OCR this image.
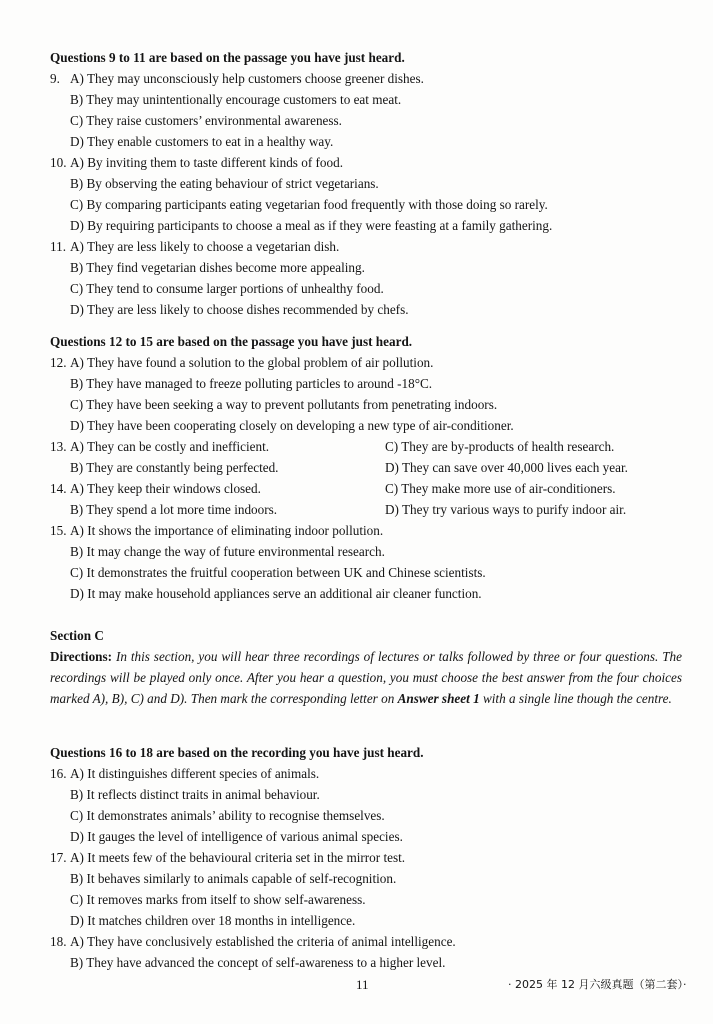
Questions 9 to 11 are based on the passage you have just heard.
9. A) They may unconsciously help customers choose greener dishes.
B) They may unintentionally encourage customers to eat meat.
C) They raise customers’ environmental awareness.
D) They enable customers to eat in a healthy way.
10. A) By inviting them to taste different kinds of food.
B) By observing the eating behaviour of strict vegetarians.
C) By comparing participants eating vegetarian food frequently with those doing so rarely.
D) By requiring participants to choose a meal as if they were feasting at a family gathering.
11. A) They are less likely to choose a vegetarian dish.
B) They find vegetarian dishes become more appealing.
C) They tend to consume larger portions of unhealthy food.
D) They are less likely to choose dishes recommended by chefs.
Questions 12 to 15 are based on the passage you have just heard.
12. A) They have found a solution to the global problem of air pollution.
B) They have managed to freeze polluting particles to around -18°C.
C) They have been seeking a way to prevent pollutants from penetrating indoors.
D) They have been cooperating closely on developing a new type of air-conditioner.
13. A) They can be costly and inefficient.	C) They are by-products of health research.
B) They are constantly being perfected.	D) They can save over 40,000 lives each year.
14. A) They keep their windows closed.	C) They make more use of air-conditioners.
B) They spend a lot more time indoors.	D) They try various ways to purify indoor air.
15. A) It shows the importance of eliminating indoor pollution.
B) It may change the way of future environmental research.
C) It demonstrates the fruitful cooperation between UK and Chinese scientists.
D) It may make household appliances serve an additional air cleaner function.
Section C
Directions: In this section, you will hear three recordings of lectures or talks followed by three or four questions. The recordings will be played only once. After you hear a question, you must choose the best answer from the four choices marked A), B), C) and D). Then mark the corresponding letter on Answer sheet 1 with a single line though the centre.
Questions 16 to 18 are based on the recording you have just heard.
16. A) It distinguishes different species of animals.
B) It reflects distinct traits in animal behaviour.
C) It demonstrates animals’ ability to recognise themselves.
D) It gauges the level of intelligence of various animal species.
17. A) It meets few of the behavioural criteria set in the mirror test.
B) It behaves similarly to animals capable of self-recognition.
C) It removes marks from itself to show self-awareness.
D) It matches children over 18 months in intelligence.
18. A) They have conclusively established the criteria of animal intelligence.
B) They have advanced the concept of self-awareness to a higher level.
11	· 2025 年 12 月六级真题（第二套）·
